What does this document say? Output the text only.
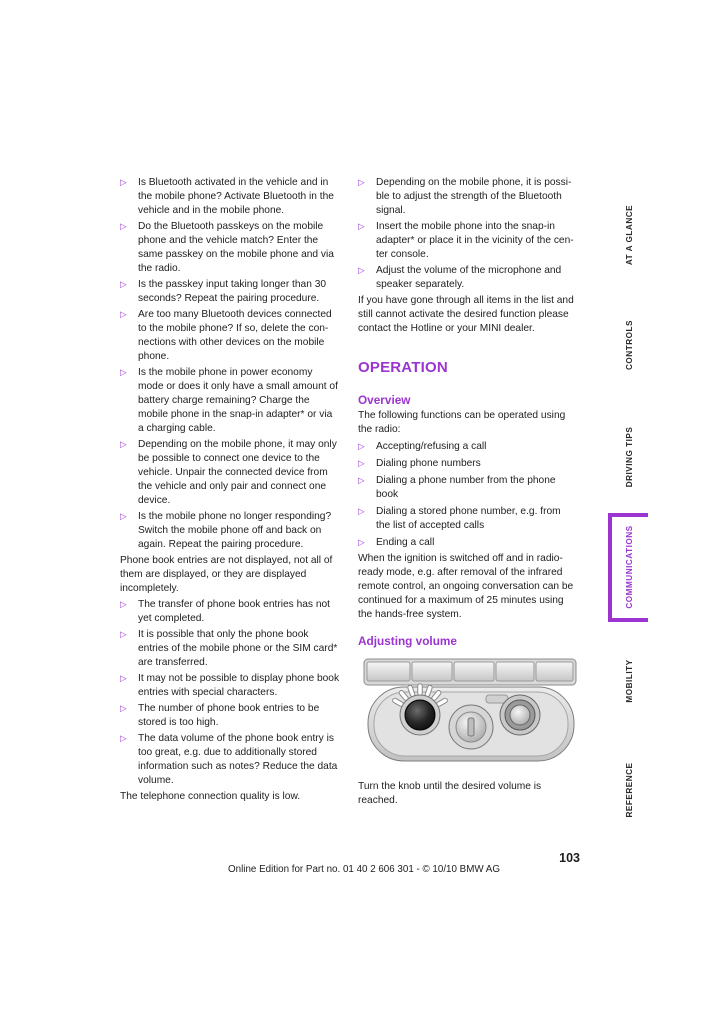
▷	Is Bluetooth activated in the vehicle and in
the mobile phone? Activate Bluetooth in the
vehicle and in the mobile phone.
▷	Do the Bluetooth passkeys on the mobile
phone and the vehicle match? Enter the
same passkey on the mobile phone and via
the radio.
▷	Is the passkey input taking longer than 30
seconds? Repeat the pairing procedure.
▷	Are too many Bluetooth devices connected
to the mobile phone? If so, delete the con-
nections with other devices on the mobile
phone.
▷	Is the mobile phone in power economy
mode or does it only have a small amount of
battery charge remaining? Charge the
mobile phone in the snap-in adapter* or via
a charging cable.
▷	Depending on the mobile phone, it may only
be possible to connect one device to the
vehicle. Unpair the connected device from
the vehicle and only pair and connect one
device.
▷	Is the mobile phone no longer responding?
Switch the mobile phone off and back on
again. Repeat the pairing procedure.
Phone book entries are not displayed, not all of
them are displayed, or they are displayed
incompletely.
▷	The transfer of phone book entries has not
yet completed.
▷	It is possible that only the phone book
entries of the mobile phone or the SIM card*
are transferred.
▷	It may not be possible to display phone book
entries with special characters.
▷	The number of phone book entries to be
stored is too high.
▷	The data volume of the phone book entry is
too great, e.g. due to additionally stored
information such as notes? Reduce the data
volume.
The telephone connection quality is low.
▷	Depending on the mobile phone, it is possi-
ble to adjust the strength of the Bluetooth
signal.
▷	Insert the mobile phone into the snap-in
adapter* or place it in the vicinity of the cen-
ter console.
▷	Adjust the volume of the microphone and
speaker separately.
If you have gone through all items in the list and
still cannot activate the desired function please
contact the Hotline or your MINI dealer.
OPERATION
Overview
The following functions can be operated using
the radio:
▷	Accepting/refusing a call
▷	Dialing phone numbers
▷	Dialing a phone number from the phone
book
▷	Dialing a stored phone number, e.g. from
the list of accepted calls
▷	Ending a call
When the ignition is switched off and in radio-
ready mode, e.g. after removal of the infrared
remote control, an ongoing conversation can be
continued for a maximum of 25 minutes using
the hands-free system.
Adjusting volume
Turn the knob until the desired volume is
reached.
AT A GLANCE
CONTROLS
DRIVING TIPS
COMMUNICATIONS
MOBILITY
REFERENCE
103
Online Edition for Part no. 01 40 2 606 301 - © 10/10 BMW AG
